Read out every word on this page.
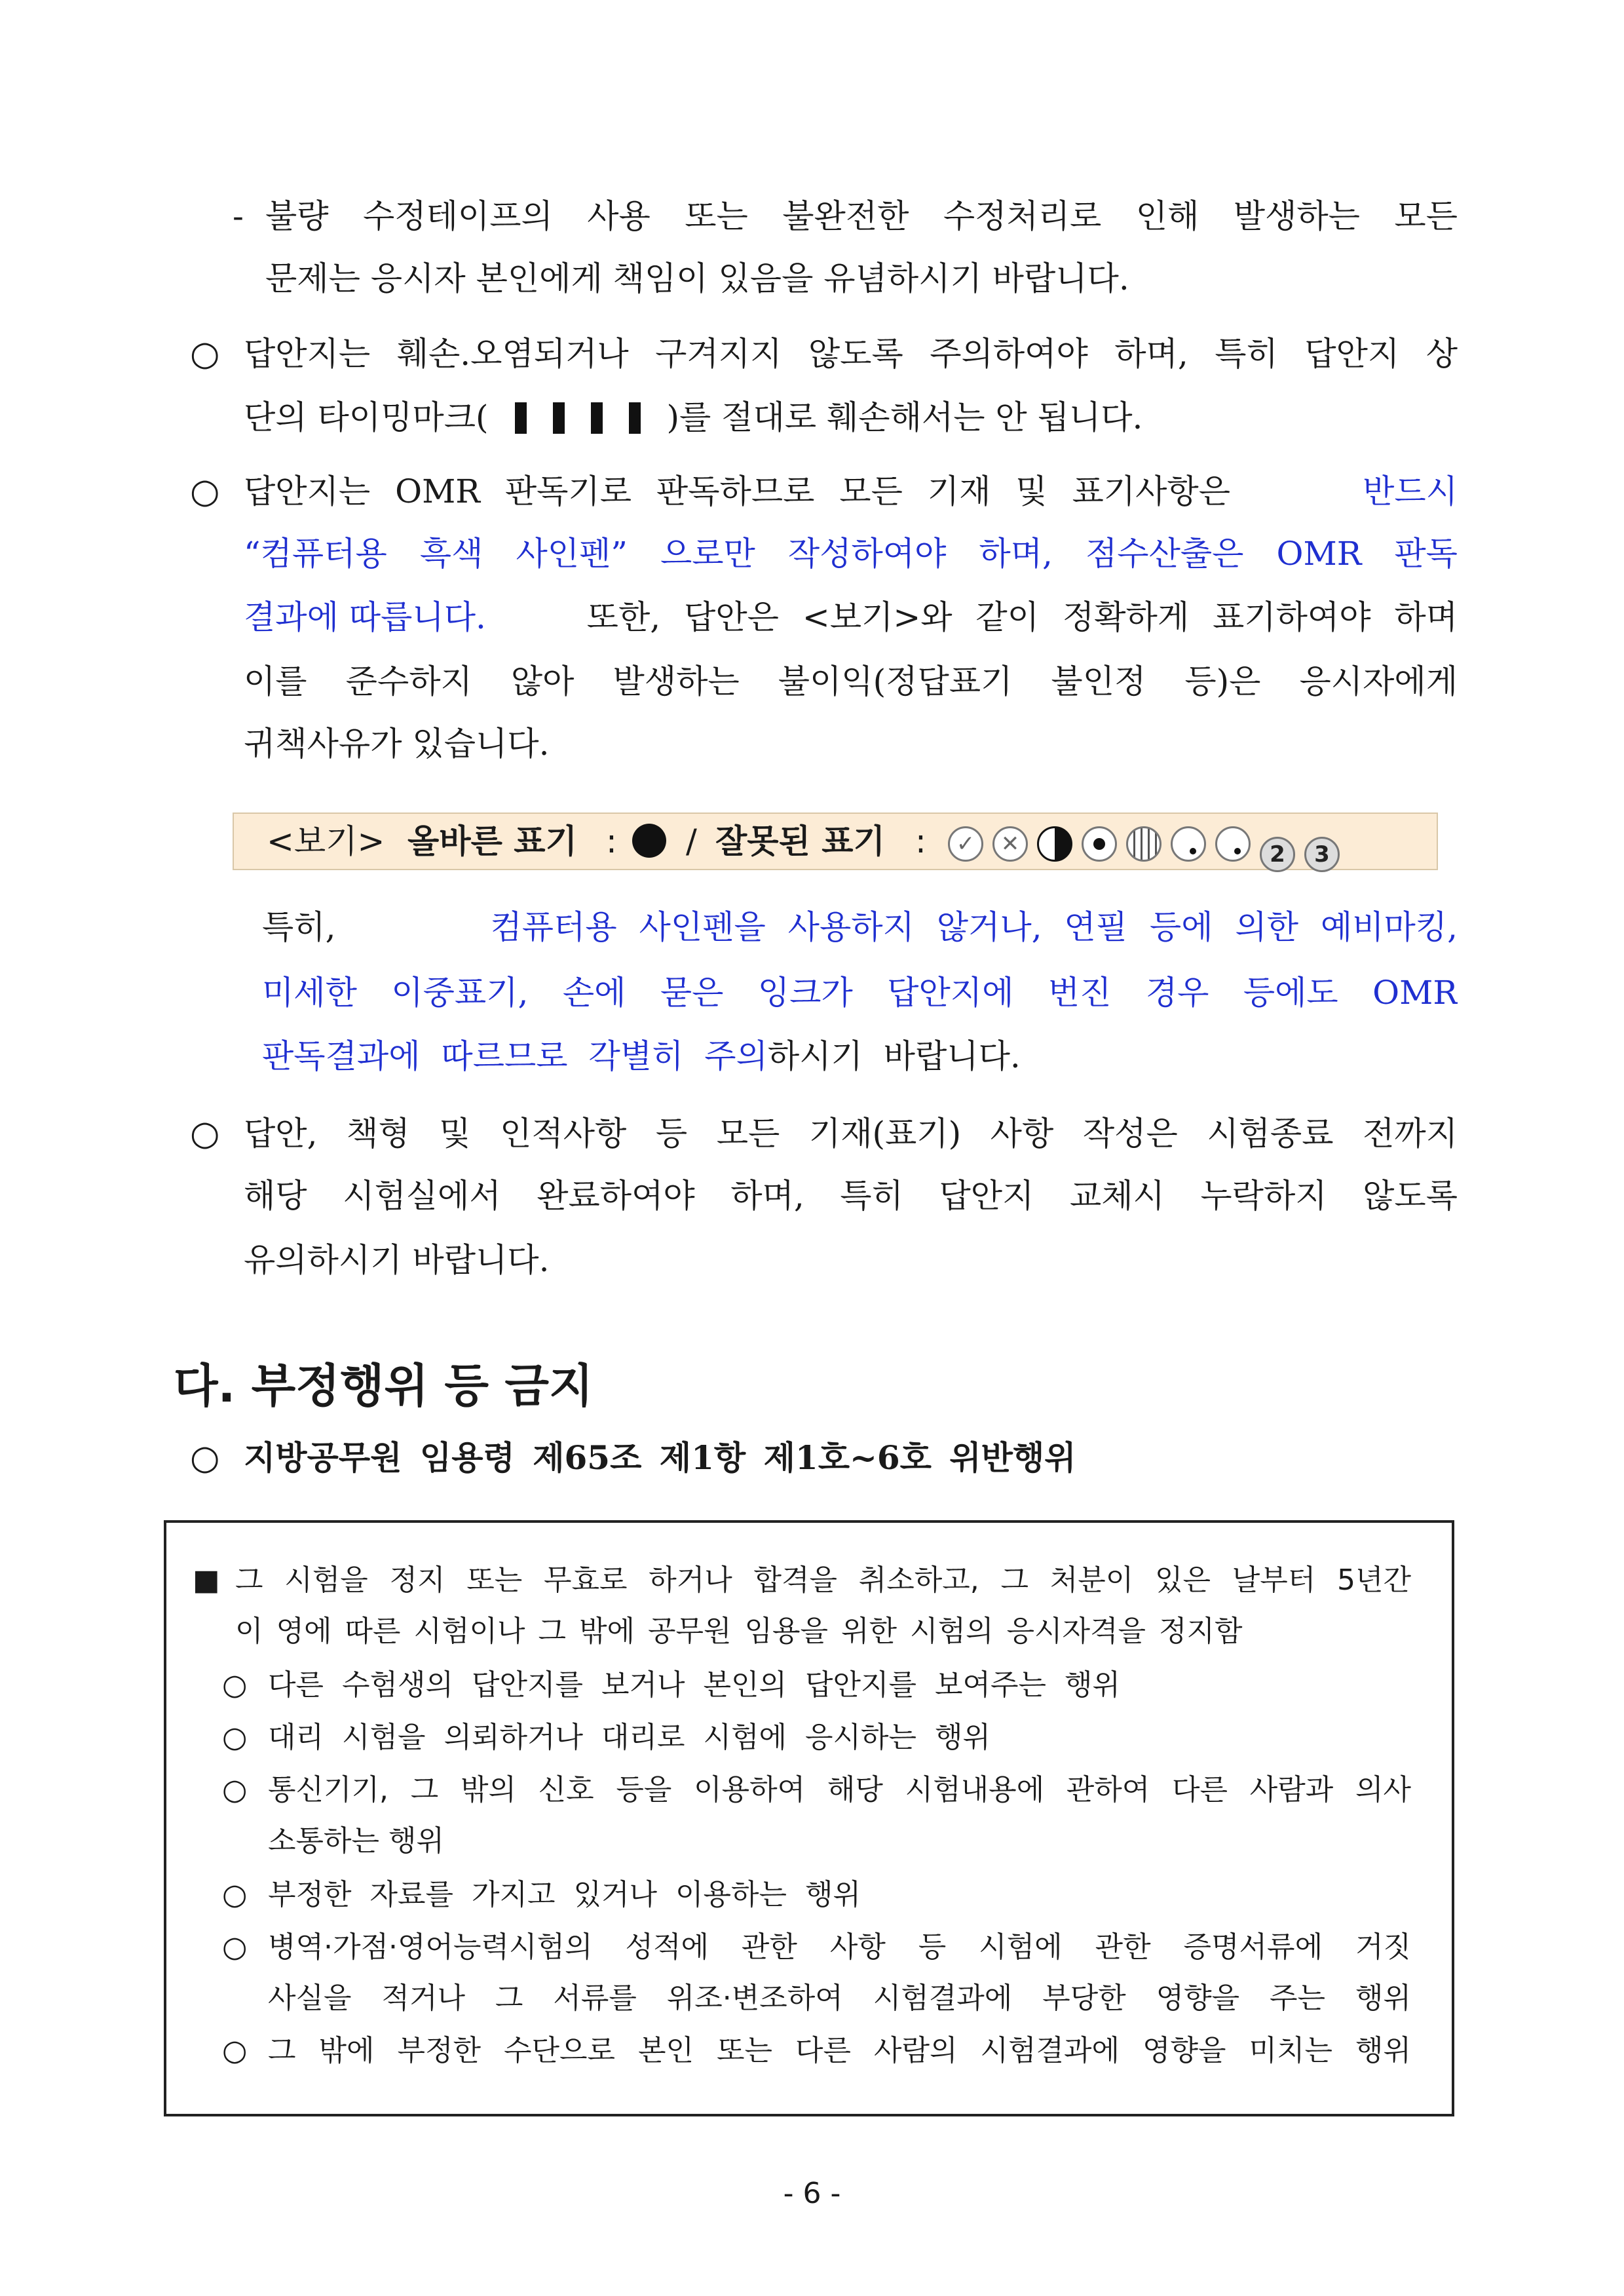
- 불량 수정테이프의 사용 또는 불완전한 수정처리로 인해 발생하는 모든
문제는 응시자 본인에게 책임이 있음을 유념하시기 바랍니다.
○ 답안지는 훼손.오염되거나 구겨지지 않도록 주의하여야 하며, 특히 답안지 상
단의 타이밍마크(	)를 절대로 훼손해서는 안 됩니다.
○ 답안지는 OMR 판독기로 판독하므로 모든 기재 및 표기사항은	반드시
“컴퓨터용 흑색 사인펜” 으로만 작성하여야 하며, 점수산출은 OMR 판독
결과에 따릅니다.	또한, 답안은 <보기>와 같이 정확하게 표기하여야 하며
이를 준수하지 않아 발생하는 불이익(정답표기 불인정 등)은 응시자에게
귀책사유가 있습니다.
<보기> 올바른 표기 : / 잘못된 표기 : ✓ ✕	2 3
특히,	컴퓨터용 사인펜을 사용하지 않거나, 연필 등에 의한 예비마킹,
미세한 이중표기, 손에 묻은 잉크가 답안지에 번진 경우 등에도 OMR
판독결과에 따르므로 각별히 주의하시기 바랍니다.
○ 답안, 책형 및 인적사항 등 모든 기재(표기) 사항 작성은 시험종료 전까지
해당 시험실에서 완료하여야 하며, 특히 답안지 교체시 누락하지 않도록
유의하시기 바랍니다.
다. 부정행위 등 금지
○ 지방공무원 임용령 제65조 제1항 제1호~6호 위반행위
■ 그 시험을 정지 또는 무효로 하거나 합격을 취소하고, 그 처분이 있은 날부터 5년간
이 영에 따른 시험이나 그 밖에 공무원 임용을 위한 시험의 응시자격을 정지함
○ 다른 수험생의 답안지를 보거나 본인의 답안지를 보여주는 행위
○ 대리 시험을 의뢰하거나 대리로 시험에 응시하는 행위
○ 통신기기, 그 밖의 신호 등을 이용하여 해당 시험내용에 관하여 다른 사람과 의사
소통하는 행위
○ 부정한 자료를 가지고 있거나 이용하는 행위
○ 병역·가점·영어능력시험의 성적에 관한 사항 등 시험에 관한 증명서류에 거짓
사실을 적거나 그 서류를 위조·변조하여 시험결과에 부당한 영향을 주는 행위
○ 그 밖에 부정한 수단으로 본인 또는 다른 사람의 시험결과에 영향을 미치는 행위
- 6 -
